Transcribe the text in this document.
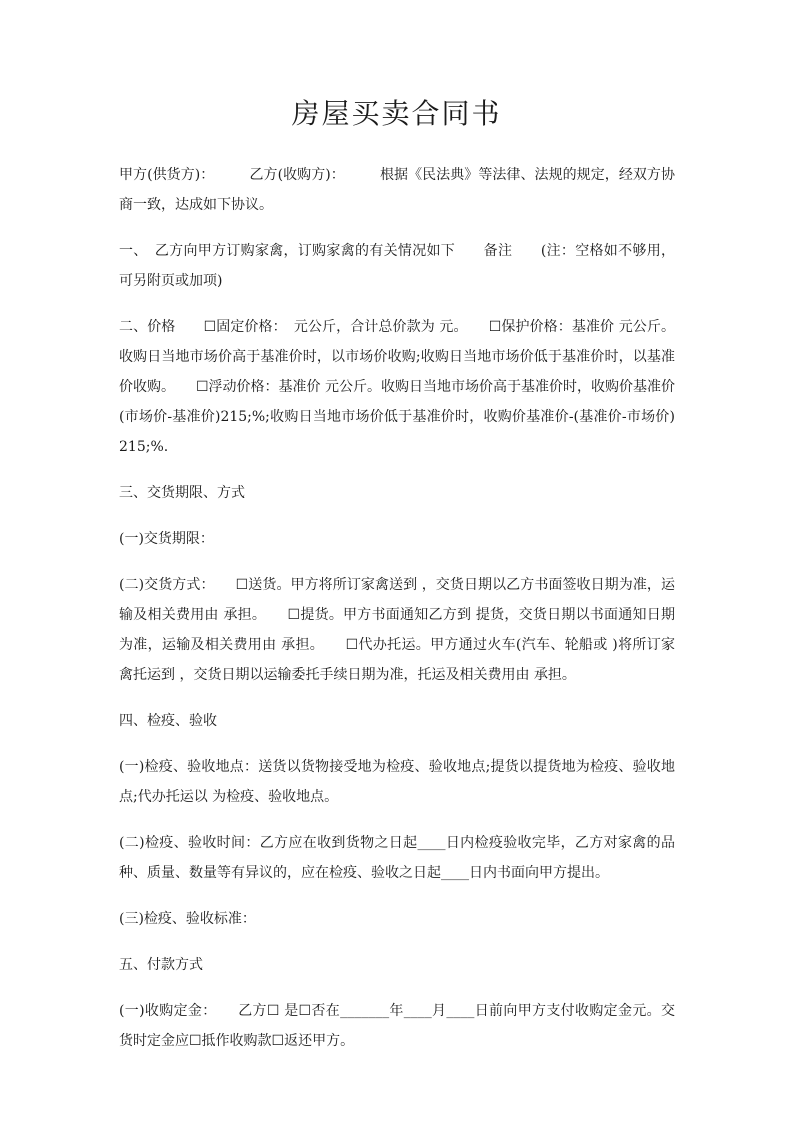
房屋买卖合同书

甲方(供货方)：　　　乙方(收购方)：　　　根据《民法典》等法律、法规的规定，经双方协商一致，达成如下协议。

一、　乙方向甲方订购家禽，订购家禽的有关情况如下　　备注　　(注：空格如不够用，可另附页或加项)

二、价格　　☐固定价格：　元公斤，合计总价款为 元。　　☐保护价格：基准价 元公斤。收购日当地市场价高于基准价时，以市场价收购;收购日当地市场价低于基准价时，以基准价收购。　　☐浮动价格：基准价 元公斤。收购日当地市场价高于基准价时，收购价基准价(市场价-基准价)215;%;收购日当地市场价低于基准价时，收购价基准价-(基准价-市场价)215;%.

三、交货期限、方式

(一)交货期限：

(二)交货方式：　　☐送货。甲方将所订家禽送到 ，交货日期以乙方书面签收日期为准，运输及相关费用由 承担。　　☐提货。甲方书面通知乙方到 提货，交货日期以书面通知日期为准，运输及相关费用由 承担。　　☐代办托运。甲方通过火车(汽车、轮船或 )将所订家禽托运到 ，交货日期以运输委托手续日期为准，托运及相关费用由 承担。

四、检疫、验收

(一)检疫、验收地点：送货以货物接受地为检疫、验收地点;提货以提货地为检疫、验收地点;代办托运以 为检疫、验收地点。

(二)检疫、验收时间：乙方应在收到货物之日起____日内检疫验收完毕，乙方对家禽的品种、质量、数量等有异议的，应在检疫、验收之日起____日内书面向甲方提出。

(三)检疫、验收标准：

五、付款方式

(一)收购定金：　　乙方☐ 是☐否在_______年____月____日前向甲方支付收购定金元。交货时定金应☐抵作收购款☐返还甲方。
